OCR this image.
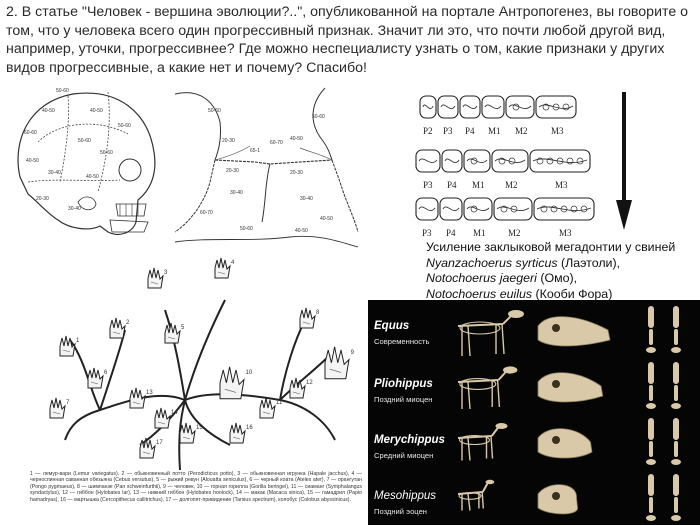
2. В статье "Человек - вершина эволюции?..", опубликованной на портале Антропогенез, вы говорите о том, что у человека всего один прогрессивный признак. Значит ли это, что почти любой другой вид, например, уточки, прогрессивнее? Где можно неспециалисту узнать о том, какие признаки у других видов прогрессивные, а какие нет и почему? Спасибо!
50-60
40-50
40-50
60-60
50-60
50-60
40-50
30-40
40-50
20-30
30-40
50-60
50-60
50-60
20-30	40-50
20-30	20-30
30-40
30-40
60-70
40-50
50-60	40-50
65-1
60-70
P2 P3 P4 M1 M2	M3
P3 P4 M1 M2	M3
P3 P4 M1 M2	M3
Усиление заклыковой мегадонтии у свиней
Nyanzachoerus syrticus (Лаэтоли),
Notochoerus jaegeri (Омо),
Notochoerus euilus (Кооби Фора)
1
2
3
4
5
6
7
8
9
10
11
12
13
14
15	16
17
1 — лемур-вари (Lemur variegatus), 2 — обыкновенный потто (Perodicticus potto), 3 — обыкновенная игрунка (Hapale jacchus), 4 — черноспинная саванная обезьяна (Cebus versutus), 5 — рыжий ревун (Alouatta seniculus), 6 — черный коата (Ateles ater), 7 — орангутан (Pongo pygmaeus), 8 — шимпанзе (Pan schweinfurthii), 9 — человек, 10 — горная горилла (Gorilla beringei), 11 — сиаманг (Symphalangus syndactylus), 12 — гиббон (Hylobates lar), 13 — нижний гиббон (Hylobates hoolock), 14 — макак (Macaca sinica), 15 — гамадрил (Papio hamadryas), 16 — мартышка (Cercopithecus callitrichus), 17 — долгопят-привидение (Tarsius spectrum), колобус (Colobus abyssinicus).
Equus
Современность
Pliohippus
Поздний миоцен
Merychippus
Средний миоцен
Mesohippus
Поздний эоцен
